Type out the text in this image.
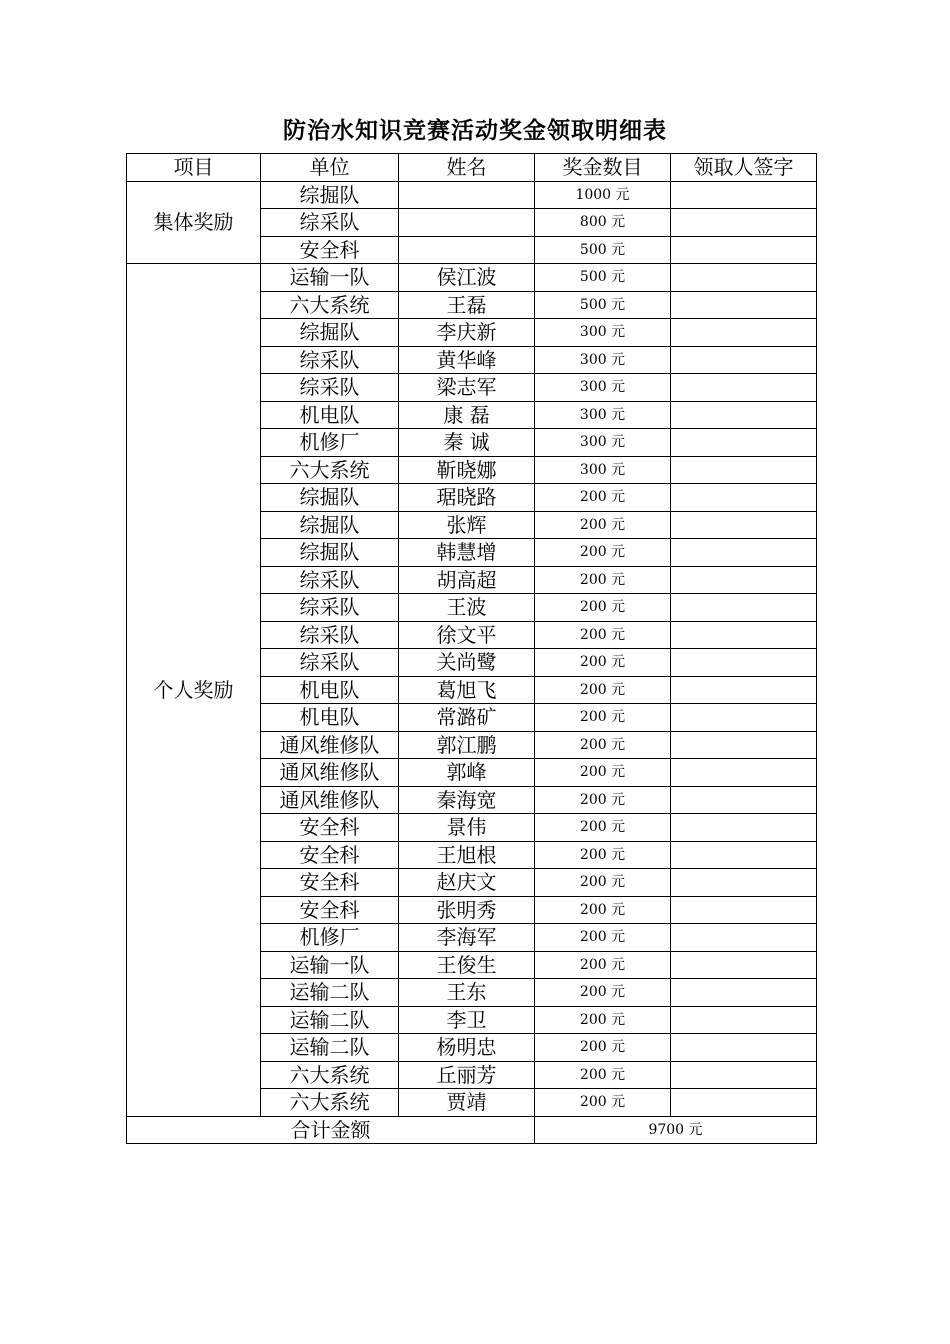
防治水知识竞赛活动奖金领取明细表
项目	单位	姓名	奖金数目	领取人签字
集体奖励	综掘队		1000 元	
	综采队		800 元	
	安全科		500 元	
个人奖励	运输一队	侯江波	500 元	
	六大系统	王磊	500 元	
	综掘队	李庆新	300 元	
	综采队	黄华峰	300 元	
	综采队	梁志军	300 元	
	机电队	康 磊	300 元	
	机修厂	秦 诚	300 元	
	六大系统	靳晓娜	300 元	
	综掘队	琚晓路	200 元	
	综掘队	张辉	200 元	
	综掘队	韩慧增	200 元	
	综采队	胡高超	200 元	
	综采队	王波	200 元	
	综采队	徐文平	200 元	
	综采队	关尚鹭	200 元	
	机电队	葛旭飞	200 元	
	机电队	常潞矿	200 元	
	通风维修队	郭江鹏	200 元	
	通风维修队	郭峰	200 元	
	通风维修队	秦海宽	200 元	
	安全科	景伟	200 元	
	安全科	王旭根	200 元	
	安全科	赵庆文	200 元	
	安全科	张明秀	200 元	
	机修厂	李海军	200 元	
	运输一队	王俊生	200 元	
	运输二队	王东	200 元	
	运输二队	李卫	200 元	
	运输二队	杨明忠	200 元	
	六大系统	丘丽芳	200 元	
	六大系统	贾靖	200 元	
合计金额			9700 元	
